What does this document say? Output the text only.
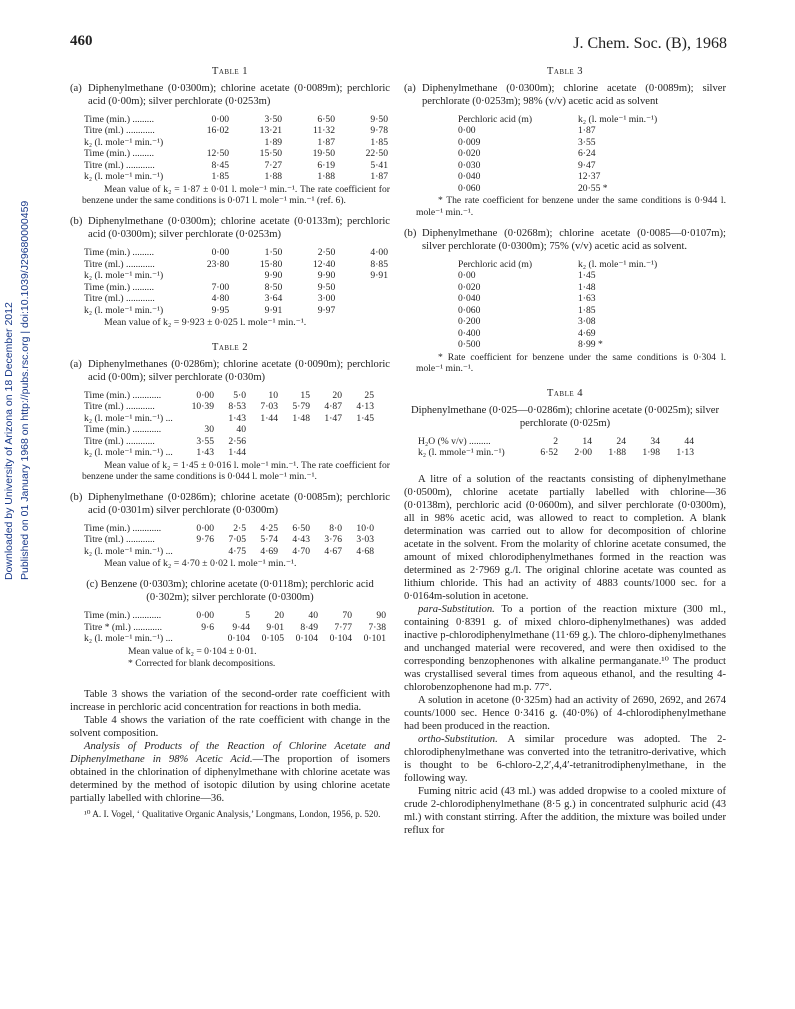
Downloaded by University of Arizona on 18 December 2012 Published on 01 January 1968 on http://pubs.rsc.org | doi:10.1039/J29680000459
460	J. Chem. Soc. (B), 1968
Table 1
(a) Diphenylmethane (0·0300m); chlorine acetate (0·0089m); perchloric acid (0·00m); silver perchlorate (0·0253m)
Time (min.) .........	0·00	3·50	6·50	9·50
Titre (ml.) ............	16·02	13·21	11·32	9·78
k₂ (l. mole⁻¹ min.⁻¹)		1·89	1·87	1·85
Time (min.) .........	12·50	15·50	19·50	22·50
Titre (ml.) ............	8·45	7·27	6·19	5·41
k₂ (l. mole⁻¹ min.⁻¹)	1·85	1·88	1·88	1·87
Mean value of k₂ = 1·87 ± 0·01 l. mole⁻¹ min.⁻¹. The rate coefficient for benzene under the same conditions is 0·071 l. mole⁻¹ min.⁻¹ (ref. 6).
(b) Diphenylmethane (0·0300m); chlorine acetate (0·0133m); perchloric acid (0·0300m); silver perchlorate (0·0253m)
Time (min.) .........	0·00	1·50	2·50	4·00
Titre (ml.) ............	23·80	15·80	12·40	8·85
k₂ (l. mole⁻¹ min.⁻¹)		9·90	9·90	9·91
Time (min.) .........	7·00	8·50	9·50	
Titre (ml.) ............	4·80	3·64	3·00	
k₂ (l. mole⁻¹ min.⁻¹)	9·95	9·91	9·97	
Mean value of k₂ = 9·923 ± 0·025 l. mole⁻¹ min.⁻¹.
Table 2
(a) Diphenylmethanes (0·0286m); chlorine acetate (0·0090m); perchloric acid (0·00m); silver perchlorate (0·030m)
Time (min.) ............	0·00	5·0	10	15	20	25
Titre (ml.) ............	10·39	8·53	7·03	5·79	4·87	4·13
k₂ (l. mole⁻¹ min.⁻¹) ...		1·43	1·44	1·48	1·47	1·45
Time (min.) ............	30	40				
Titre (ml.) ............	3·55	2·56				
k₂ (l. mole⁻¹ min.⁻¹) ...	1·43	1·44				
Mean value of k₂ = 1·45 ± 0·016 l. mole⁻¹ min.⁻¹. The rate coefficient for benzene under the same conditions is 0·044 l. mole⁻¹ min.⁻¹.
(b) Diphenylmethane (0·0286m); chlorine acetate (0·0085m); perchloric acid (0·0301m) silver perchlorate (0·0300m)
Time (min.) ............	0·00	2·5	4·25	6·50	8·0	10·0
Titre (ml.) ............	9·76	7·05	5·74	4·43	3·76	3·03
k₂ (l. mole⁻¹ min.⁻¹) ...		4·75	4·69	4·70	4·67	4·68
Mean value of k₂ = 4·70 ± 0·02 l. mole⁻¹ min.⁻¹.
(c) Benzene (0·0303m); chlorine acetate (0·0118m); perchloric acid (0·302m); silver perchlorate (0·0300m)
Time (min.) ............	0·00	5	20	40	70	90
Titre * (ml.) ............	9·6	9·44	9·01	8·49	7·77	7·38
k₂ (l. mole⁻¹ min.⁻¹) ...		0·104	0·105	0·104	0·104	0·101
Mean value of k₂ = 0·104 ± 0·01.
* Corrected for blank decompositions.

Table 3 shows the variation of the second-order rate coefficient with increase in perchloric acid concentration for reactions in both media.

Table 4 shows the variation of the rate coefficient with change in the solvent composition.

Analysis of Products of the Reaction of Chlorine Acetate and Diphenylmethane in 98% Acetic Acid.—The proportion of isomers obtained in the chlorination of diphenylmethane with chlorine acetate was determined by the method of isotopic dilution by using chlorine acetate partially labelled with chlorine—36.

¹⁰ A. I. Vogel, ‘ Qualitative Organic Analysis,’ Longmans, London, 1956, p. 520.

Table 3
(a) Diphenylmethane (0·0300m); chlorine acetate (0·0089m); silver perchlorate (0·0253m); 98% (v/v) acetic acid as solvent
Perchloric acid (m)	k₂ (l. mole⁻¹ min.⁻¹)
0·00	1·87
0·009	3·55
0·020	6·24
0·030	9·47
0·040	12·37
0·060	20·55 *
* The rate coefficient for benzene under the same conditions is 0·944 l. mole⁻¹ min.⁻¹.
(b) Diphenylmethane (0·0268m); chlorine acetate (0·0085—0·0107m); silver perchlorate (0·0300m); 75% (v/v) acetic acid as solvent.
Perchloric acid (m)	k₂ (l. mole⁻¹ min.⁻¹)
0·00	1·45
0·020	1·48
0·040	1·63
0·060	1·85
0·200	3·08
0·400	4·69
0·500	8·99 *
* Rate coefficient for benzene under the same conditions is 0·304 l. mole⁻¹ min.⁻¹.
Table 4
Diphenylmethane (0·025—0·0286m); chlorine acetate (0·0025m); silver perchlorate (0·025m)
H₂O (% v/v) .........	2	14	24	34	44
k₂ (l. mmole⁻¹ min.⁻¹)	6·52	2·00	1·88	1·98	1·13

A litre of a solution of the reactants consisting of diphenylmethane (0·0500m), chlorine acetate partially labelled with chlorine—36 (0·0138m), perchloric acid (0·0600m), and silver perchlorate (0·0300m), all in 98% acetic acid, was allowed to react to completion. A blank determination was carried out to allow for decomposition of chlorine acetate in the solvent. From the molarity of chlorine acetate consumed, the amount of mixed chlorodiphenylmethanes formed in the reaction was determined as 2·7969 g./l. The original chlorine acetate was counted as lithium chloride. This had an activity of 4883 counts/1000 sec. for a 0·0164m-solution in acetone.

para-Substitution. To a portion of the reaction mixture (300 ml., containing 0·8391 g. of mixed chloro-diphenylmethanes) was added inactive p-chlorodiphenylmethane (11·69 g.). The chloro-diphenylmethanes and unchanged material were recovered, and were then oxidised to the corresponding benzophenones with alkaline permanganate.¹⁰ The product was crystallised several times from aqueous ethanol, and the resulting 4-chlorobenzophenone had m.p. 77°.

A solution in acetone (0·325m) had an activity of 2690, 2692, and 2674 counts/1000 sec. Hence 0·3416 g. (40·0%) of 4-chlorodiphenylmethane had been produced in the reaction.

ortho-Substitution. A similar procedure was adopted. The 2-chlorodiphenylmethane was converted into the tetranitro-derivative, which is thought to be 6-chloro-2,2′,4,4′-tetranitrodiphenylmethane, in the following way.

Fuming nitric acid (43 ml.) was added dropwise to a cooled mixture of crude 2-chlorodiphenylmethane (8·5 g.) in concentrated sulphuric acid (43 ml.) with constant stirring. After the addition, the mixture was boiled under reflux for
